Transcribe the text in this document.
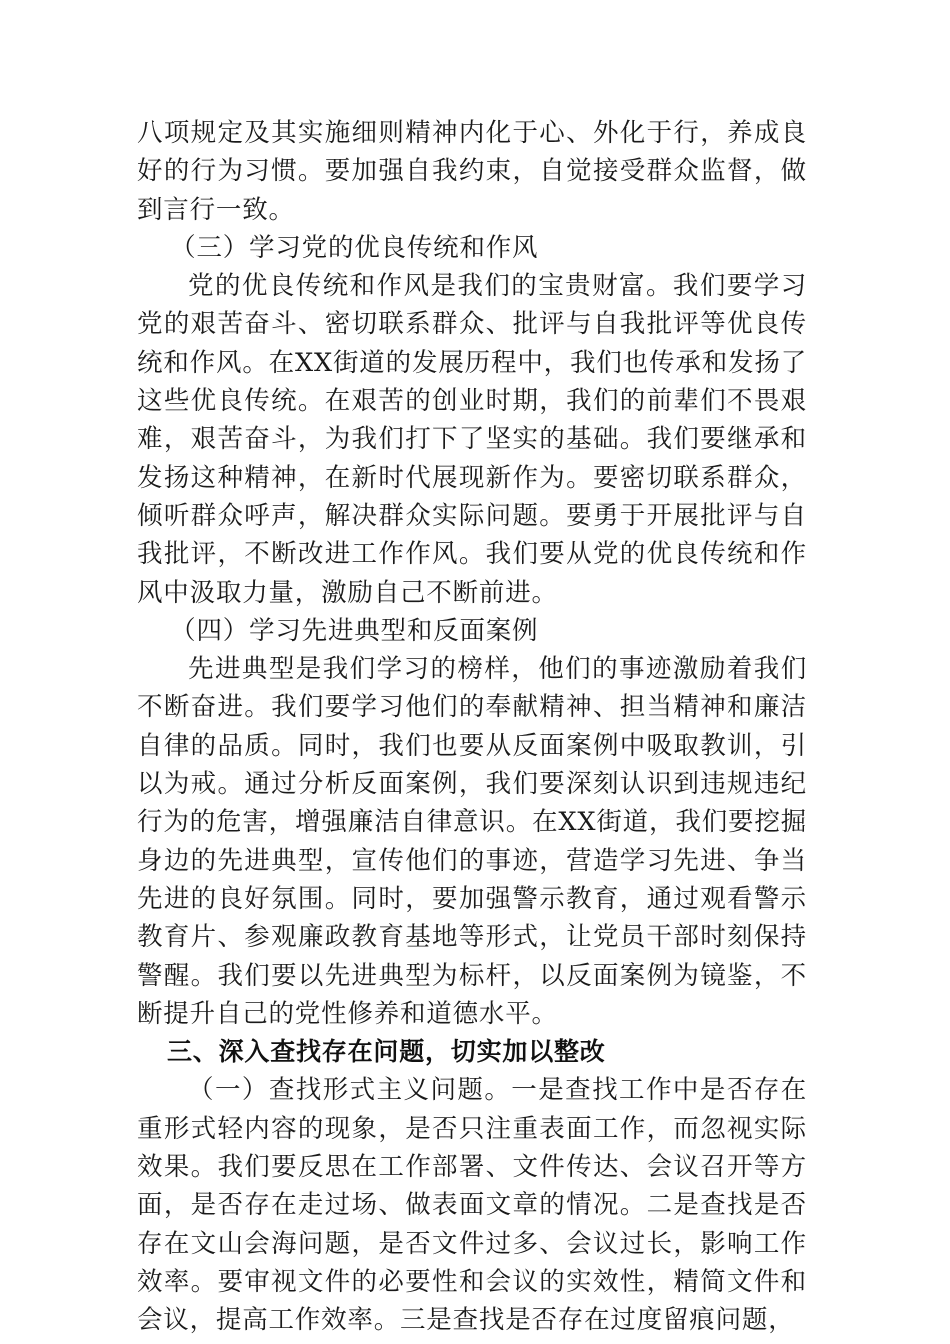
八项规定及其实施细则精神内化于心、外化于行，养成良好的行为习惯。要加强自我约束，自觉接受群众监督，做到言行一致。

（三）学习党的优良传统和作风

党的优良传统和作风是我们的宝贵财富。我们要学习党的艰苦奋斗、密切联系群众、批评与自我批评等优良传统和作风。在XX街道的发展历程中，我们也传承和发扬了这些优良传统。在艰苦的创业时期，我们的前辈们不畏艰难，艰苦奋斗，为我们打下了坚实的基础。我们要继承和发扬这种精神，在新时代展现新作为。要密切联系群众，倾听群众呼声，解决群众实际问题。要勇于开展批评与自我批评，不断改进工作作风。我们要从党的优良传统和作风中汲取力量，激励自己不断前进。

（四）学习先进典型和反面案例

先进典型是我们学习的榜样，他们的事迹激励着我们不断奋进。我们要学习他们的奉献精神、担当精神和廉洁自律的品质。同时，我们也要从反面案例中吸取教训，引以为戒。通过分析反面案例，我们要深刻认识到违规违纪行为的危害，增强廉洁自律意识。在XX街道，我们要挖掘身边的先进典型，宣传他们的事迹，营造学习先进、争当先进的良好氛围。同时，要加强警示教育，通过观看警示教育片、参观廉政教育基地等形式，让党员干部时刻保持警醒。我们要以先进典型为标杆，以反面案例为镜鉴，不断提升自己的党性修养和道德水平。

三、深入查找存在问题，切实加以整改

（一）查找形式主义问题。一是查找工作中是否存在重形式轻内容的现象，是否只注重表面工作，而忽视实际效果。我们要反思在工作部署、文件传达、会议召开等方面，是否存在走过场、做表面文章的情况。二是查找是否存在文山会海问题，是否文件过多、会议过长，影响工作效率。要审视文件的必要性和会议的实效性，精简文件和会议，提高工作效率。三是查找是否存在过度留痕问题，
